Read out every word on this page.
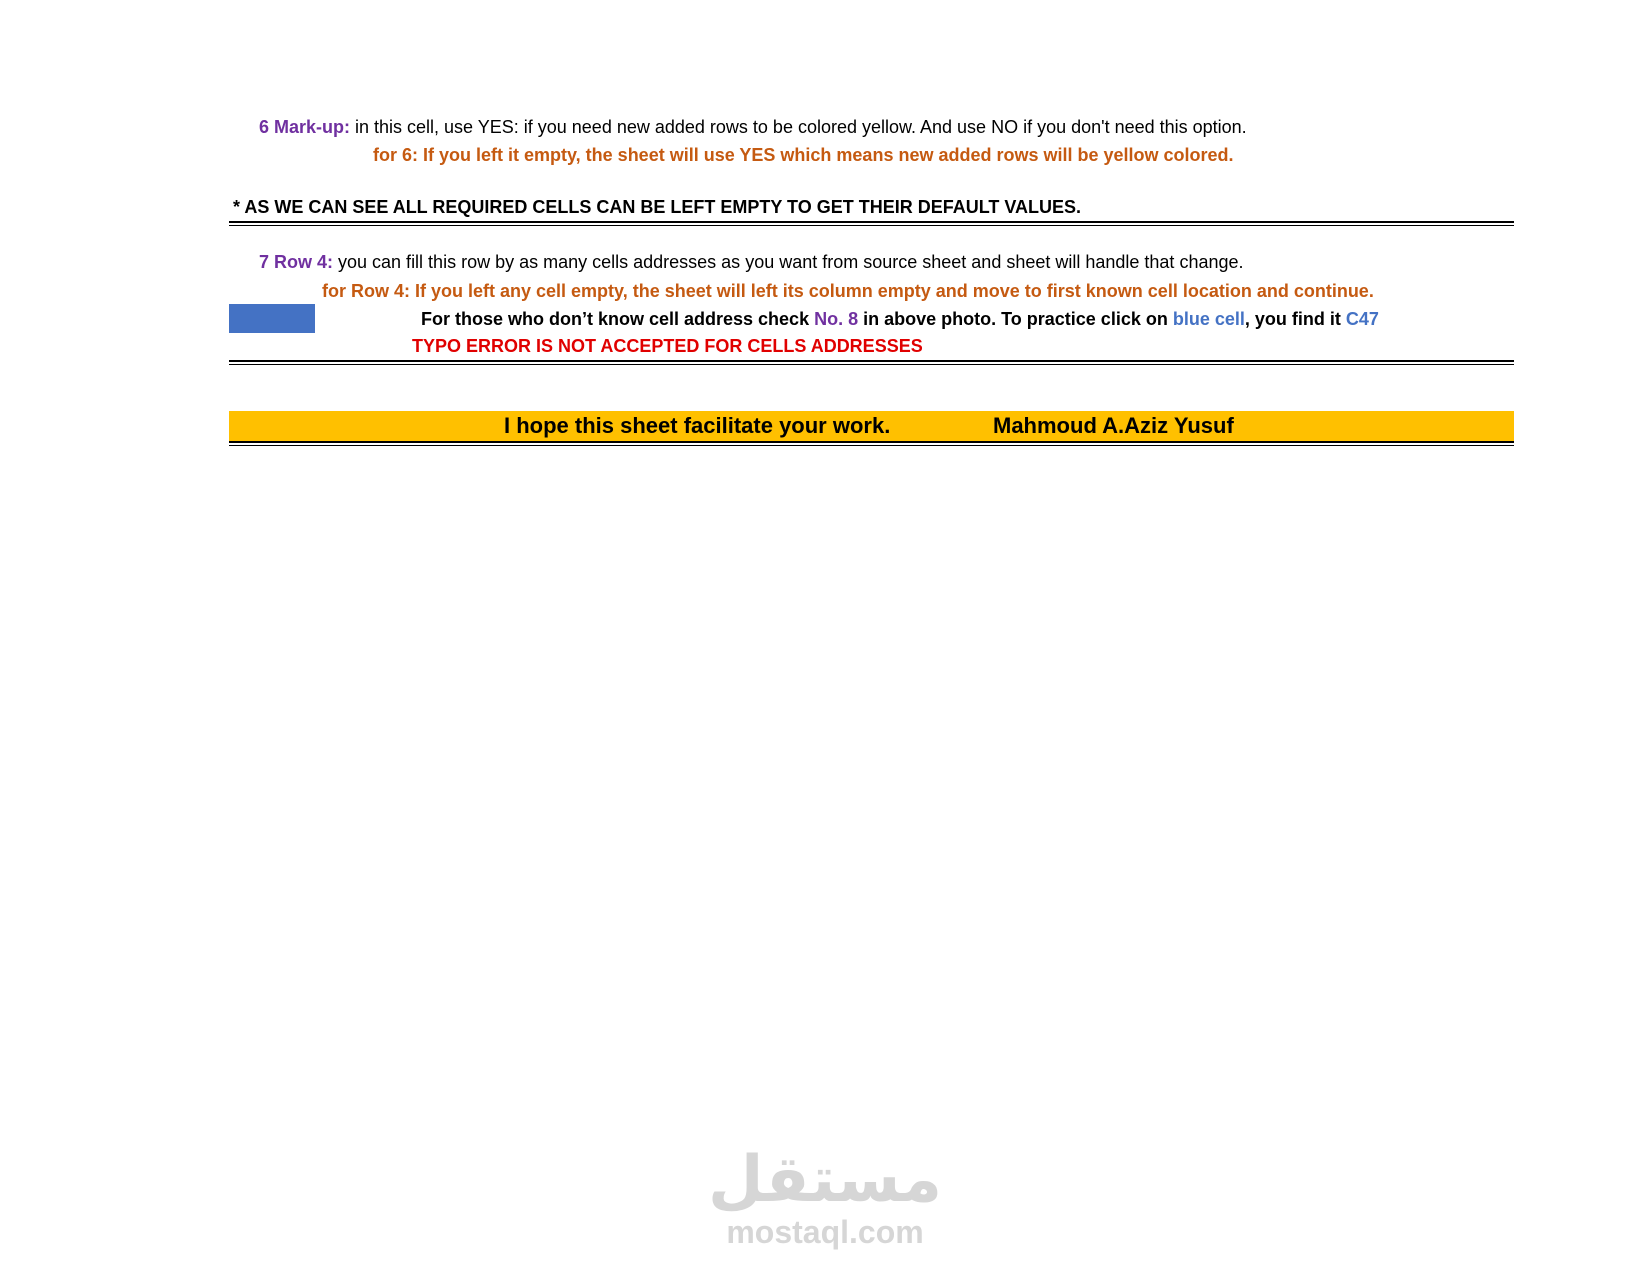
6 Mark-up: in this cell, use YES: if you need new added rows to be colored yellow. And use NO if you don't need this option.
for 6: If you left it empty, the sheet will use YES which means new added rows will be yellow colored.
* AS WE CAN SEE ALL REQUIRED CELLS CAN BE LEFT EMPTY TO GET THEIR DEFAULT VALUES.
7 Row 4: you can fill this row by as many cells addresses as you want from source sheet and sheet will handle that change.
for Row 4: If you left any cell empty, the sheet will left its column empty and move to first known cell location and continue.
For those who don’t know cell address check No. 8 in above photo. To practice click on blue cell, you find it C47
TYPO ERROR IS NOT ACCEPTED FOR CELLS ADDRESSES
I hope this sheet facilitate your work.	Mahmoud A.Aziz Yusuf
مستقل
mostaql.com
